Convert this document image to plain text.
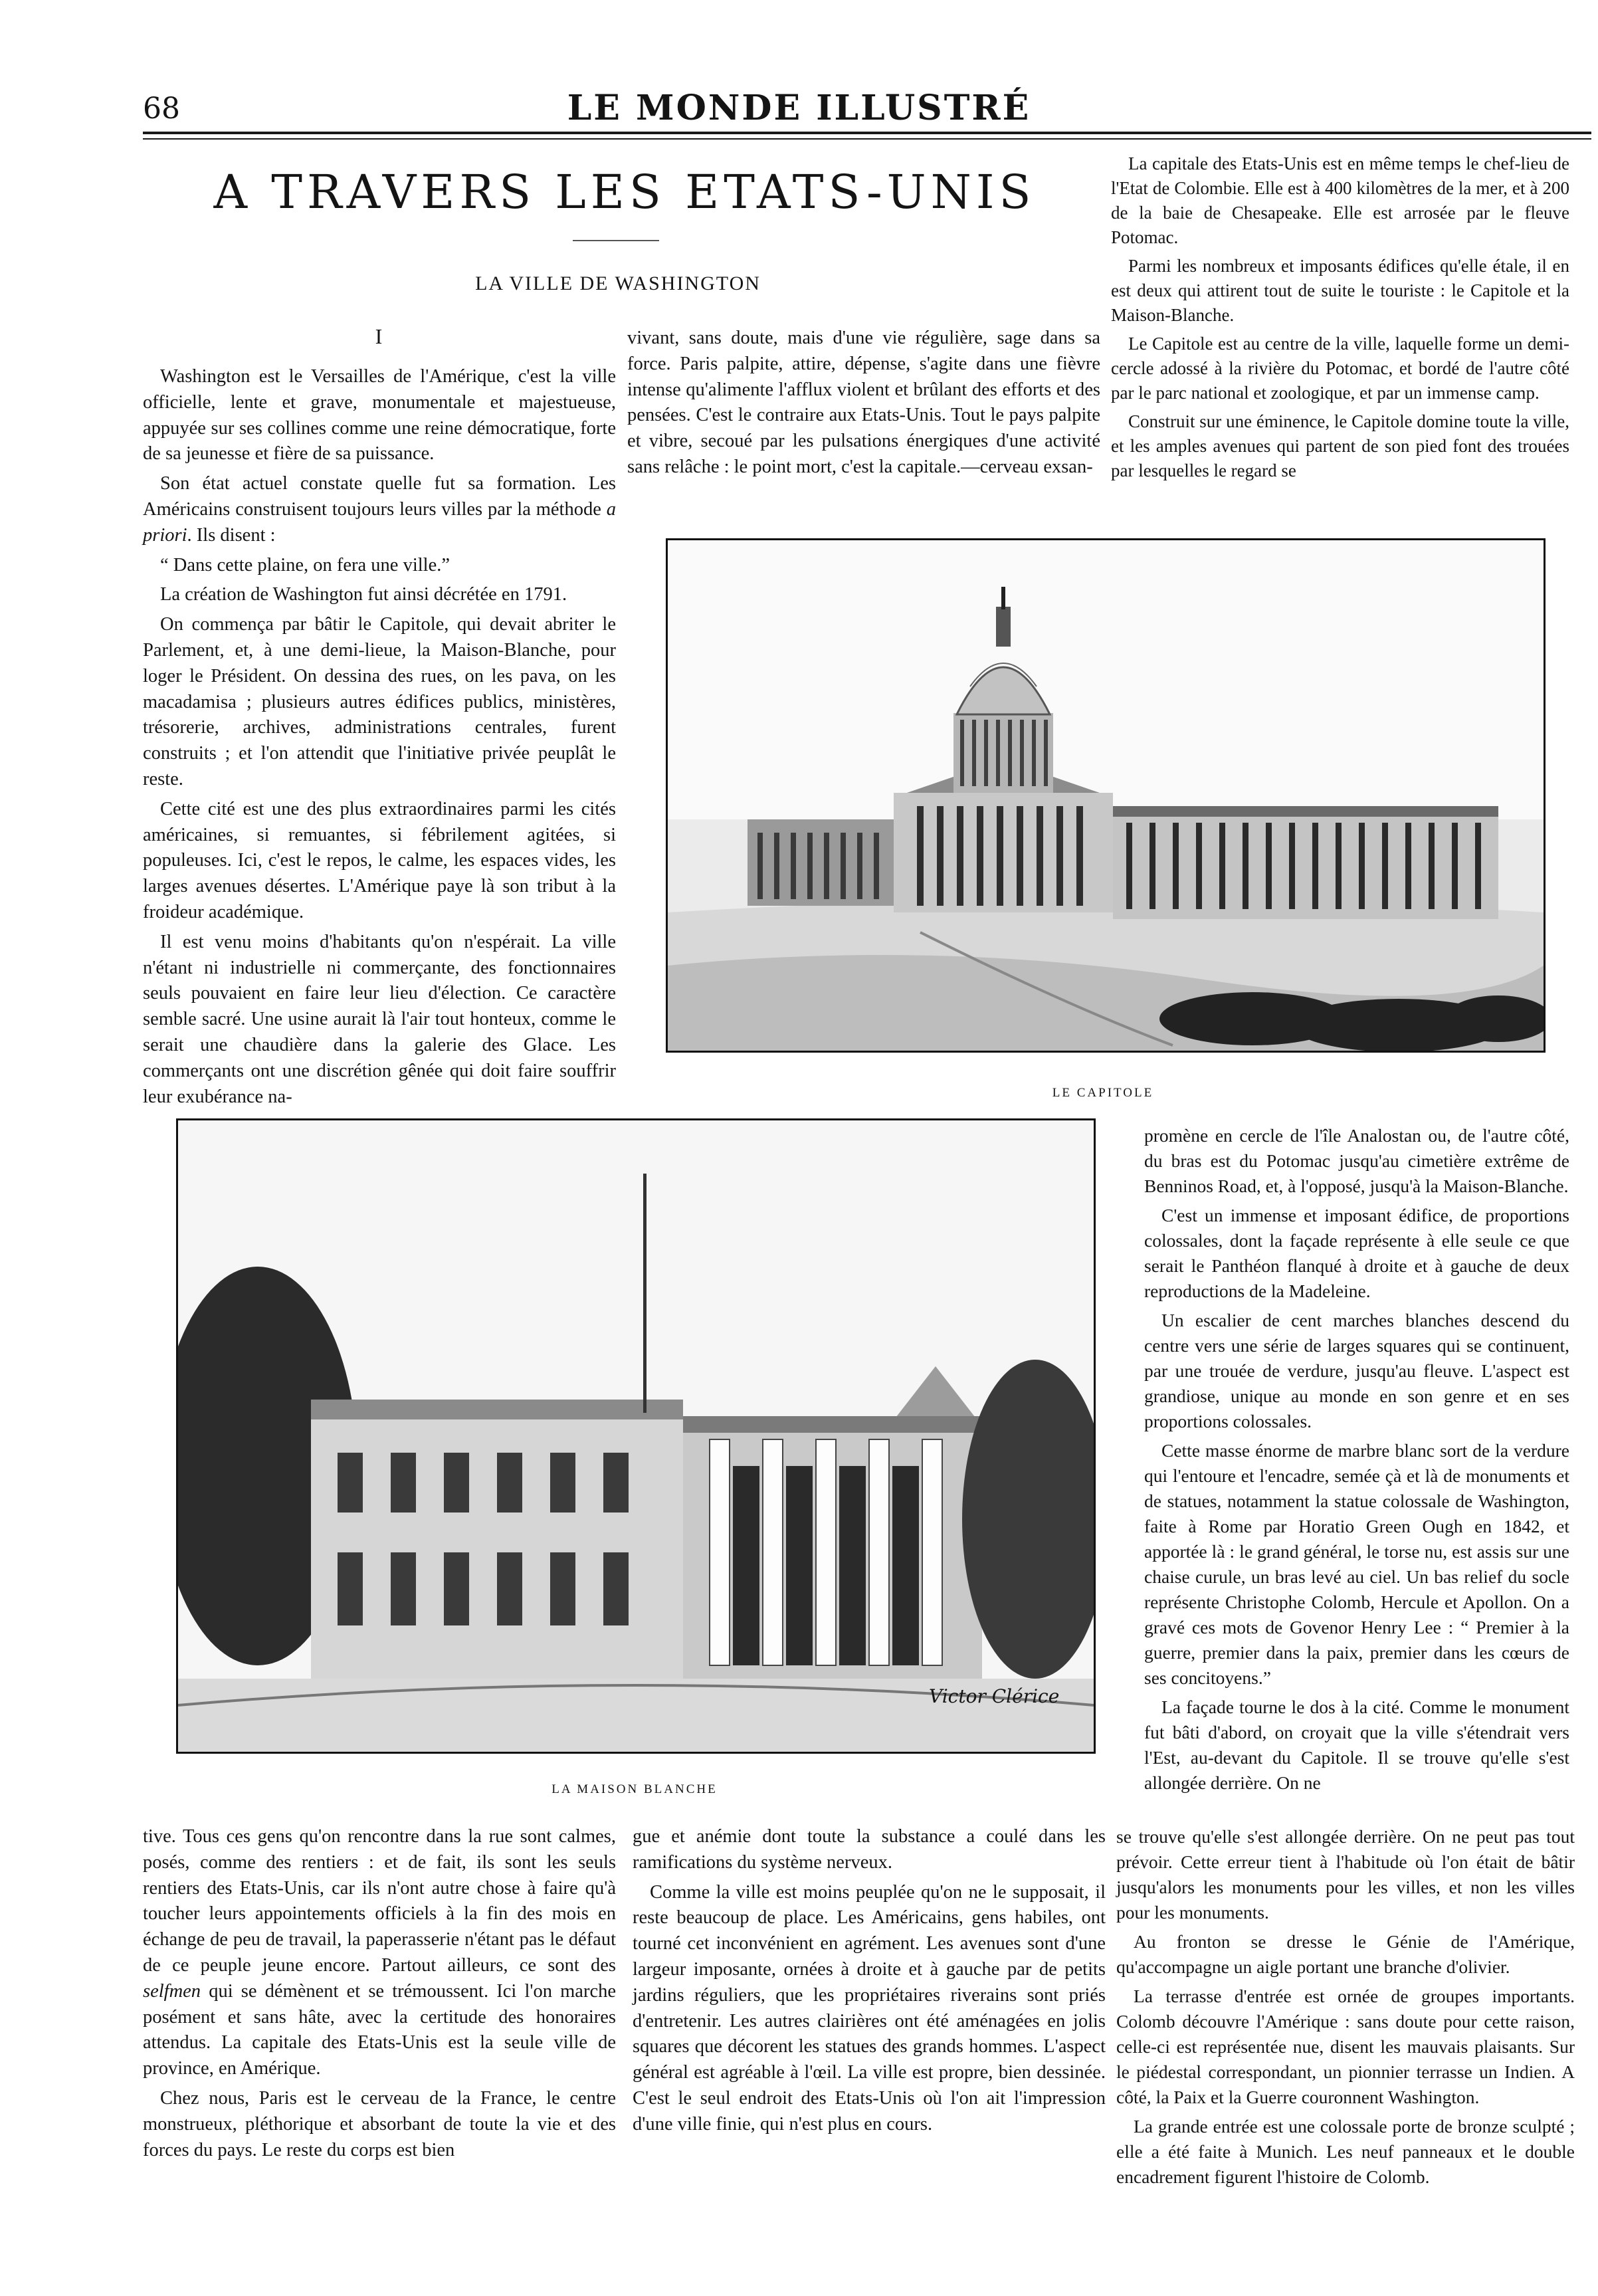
68	LE MONDE ILLUSTRÉ
A TRAVERS LES ETATS-UNIS
LA VILLE DE WASHINGTON
I

Washington est le Versailles de l'Amérique, c'est la ville officielle, lente et grave, monumentale et majestueuse, appuyée sur ses collines comme une reine démocratique, forte de sa jeunesse et fière de sa puissance.

Son état actuel constate quelle fut sa formation. Les Américains construisent toujours leurs villes par la méthode a priori. Ils disent :

“ Dans cette plaine, on fera une ville.”

La création de Washington fut ainsi décrétée en 1791.

On commença par bâtir le Capitole, qui devait abriter le Parlement, et, à une demi-lieue, la Maison-Blanche, pour loger le Président. On dessina des rues, on les pava, on les macadamisa ; plusieurs autres édifices publics, ministères, trésorerie, archives, administrations centrales, furent construits ; et l'on attendit que l'initiative privée peuplât le reste.

Cette cité est une des plus extraordinaires parmi les cités américaines, si remuantes, si fébrilement agitées, si populeuses. Ici, c'est le repos, le calme, les espaces vides, les larges avenues désertes. L'Amérique paye là son tribut à la froideur académique.

Il est venu moins d'habitants qu'on n'espérait. La ville n'étant ni industrielle ni commerçante, des fonctionnaires seuls pouvaient en faire leur lieu d'élection. Ce caractère semble sacré. Une usine aurait là l'air tout honteux, comme le serait une chaudière dans la galerie des Glace. Les commerçants ont une discrétion gênée qui doit faire souffrir leur exubérance na-

vivant, sans doute, mais d'une vie régulière, sage dans sa force. Paris palpite, attire, dépense, s'agite dans une fièvre intense qu'alimente l'afflux violent et brûlant des efforts et des pensées. C'est le contraire aux Etats-Unis. Tout le pays palpite et vibre, secoué par les pulsations énergiques d'une activité sans relâche : le point mort, c'est la capitale.—cerveau exsan-

La capitale des Etats-Unis est en même temps le chef-lieu de l'Etat de Colombie. Elle est à 400 kilomètres de la mer, et à 200 de la baie de Chesapeake. Elle est arrosée par le fleuve Potomac.

Parmi les nombreux et imposants édifices qu'elle étale, il en est deux qui attirent tout de suite le touriste : le Capitole et la Maison-Blanche.

Le Capitole est au centre de la ville, laquelle forme un demi-cercle adossé à la rivière du Potomac, et bordé de l'autre côté par le parc national et zoologique, et par un immense camp.

Construit sur une éminence, le Capitole domine toute la ville, et les amples avenues qui partent de son pied font des trouées par lesquelles le regard se

LE CAPITOLE
Victor Clérice
LA MAISON BLANCHE

promène en cercle de l'île Analostan ou, de l'autre côté, du bras est du Potomac jusqu'au cimetière extrême de Benninos Road, et, à l'opposé, jusqu'à la Maison-Blanche.

C'est un immense et imposant édifice, de proportions colossales, dont la façade représente à elle seule ce que serait le Panthéon flanqué à droite et à gauche de deux reproductions de la Madeleine.

Un escalier de cent marches blanches descend du centre vers une série de larges squares qui se continuent, par une trouée de verdure, jusqu'au fleuve. L'aspect est grandiose, unique au monde en son genre et en ses proportions colossales.

Cette masse énorme de marbre blanc sort de la verdure qui l'entoure et l'encadre, semée çà et là de monuments et de statues, notamment la statue colossale de Washington, faite à Rome par Horatio Green Ough en 1842, et apportée là : le grand général, le torse nu, est assis sur une chaise curule, un bras levé au ciel. Un bas relief du socle représente Christophe Colomb, Hercule et Apollon. On a gravé ces mots de Govenor Henry Lee : “ Premier à la guerre, premier dans la paix, premier dans les cœurs de ses concitoyens.”

La façade tourne le dos à la cité. Comme le monument fut bâti d'abord, on croyait que la ville s'étendrait vers l'Est, au-devant du Capitole. Il se trouve qu'elle s'est allongée derrière. On ne

tive. Tous ces gens qu'on rencontre dans la rue sont calmes, posés, comme des rentiers : et de fait, ils sont les seuls rentiers des Etats-Unis, car ils n'ont autre chose à faire qu'à toucher leurs appointements officiels à la fin des mois en échange de peu de travail, la paperasserie n'étant pas le défaut de ce peuple jeune encore. Partout ailleurs, ce sont des selfmen qui se démènent et se trémoussent. Ici l'on marche posément et sans hâte, avec la certitude des honoraires attendus. La capitale des Etats-Unis est la seule ville de province, en Amérique.

Chez nous, Paris est le cerveau de la France, le centre monstrueux, pléthorique et absorbant de toute la vie et des forces du pays. Le reste du corps est bien

gue et anémie dont toute la substance a coulé dans les ramifications du système nerveux.

Comme la ville est moins peuplée qu'on ne le supposait, il reste beaucoup de place. Les Américains, gens habiles, ont tourné cet inconvénient en agrément. Les avenues sont d'une largeur imposante, ornées à droite et à gauche par de petits jardins réguliers, que les propriétaires riverains sont priés d'entretenir. Les autres clairières ont été aménagées en jolis squares que décorent les statues des grands hommes. L'aspect général est agréable à l'œil. La ville est propre, bien dessinée. C'est le seul endroit des Etats-Unis où l'on ait l'impression d'une ville finie, qui n'est plus en cours.

se trouve qu'elle s'est allongée derrière. On ne peut pas tout prévoir. Cette erreur tient à l'habitude où l'on était de bâtir jusqu'alors les monuments pour les villes, et non les villes pour les monuments.

Au fronton se dresse le Génie de l'Amérique, qu'accompagne un aigle portant une branche d'olivier.

La terrasse d'entrée est ornée de groupes importants. Colomb découvre l'Amérique : sans doute pour cette raison, celle-ci est représentée nue, disent les mauvais plaisants. Sur le piédestal correspondant, un pionnier terrasse un Indien. A côté, la Paix et la Guerre couronnent Washington.

La grande entrée est une colossale porte de bronze sculpté ; elle a été faite à Munich. Les neuf panneaux et le double encadrement figurent l'histoire de Colomb.
